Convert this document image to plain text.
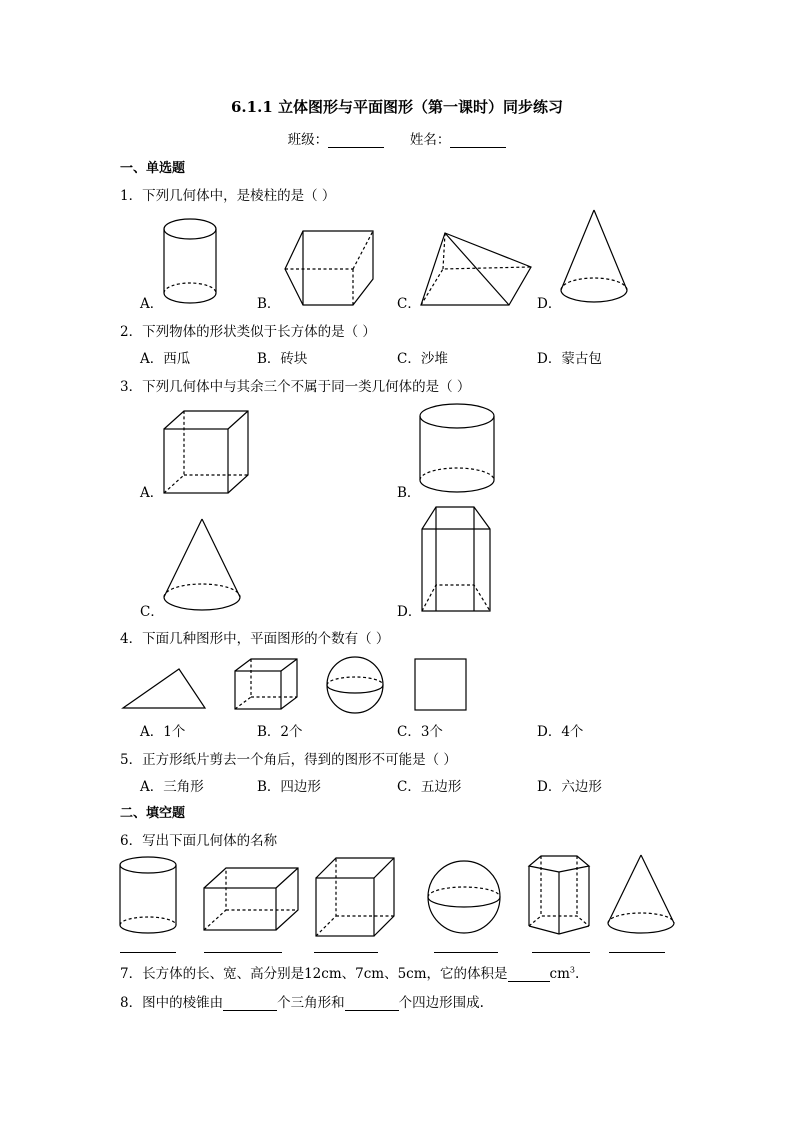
6.1.1 立体图形与平面图形（第一课时）同步练习
班级：	姓名：
一、单选题
1．下列几何体中，是棱柱的是（ ）
A．	B．	C．	D．
2．下列物体的形状类似于长方体的是（ ）
A．西瓜	B．砖块	C．沙堆	D．蒙古包
3．下列几何体中与其余三个不属于同一类几何体的是（ ）
A．	B．
C．	D．
4．下面几种图形中，平面图形的个数有（ ）
A．1个	B．2个	C．3个	D．4个
5．正方形纸片剪去一个角后，得到的图形不可能是（ ）
A．三角形	B．四边形	C．五边形	D．六边形
二、填空题
6．写出下面几何体的名称
7．长方体的长、宽、高分别是12cm、7cm、5cm，它的体积是	$cm^3$.
8．图中的棱锥由	个三角形和	个四边形围成.
